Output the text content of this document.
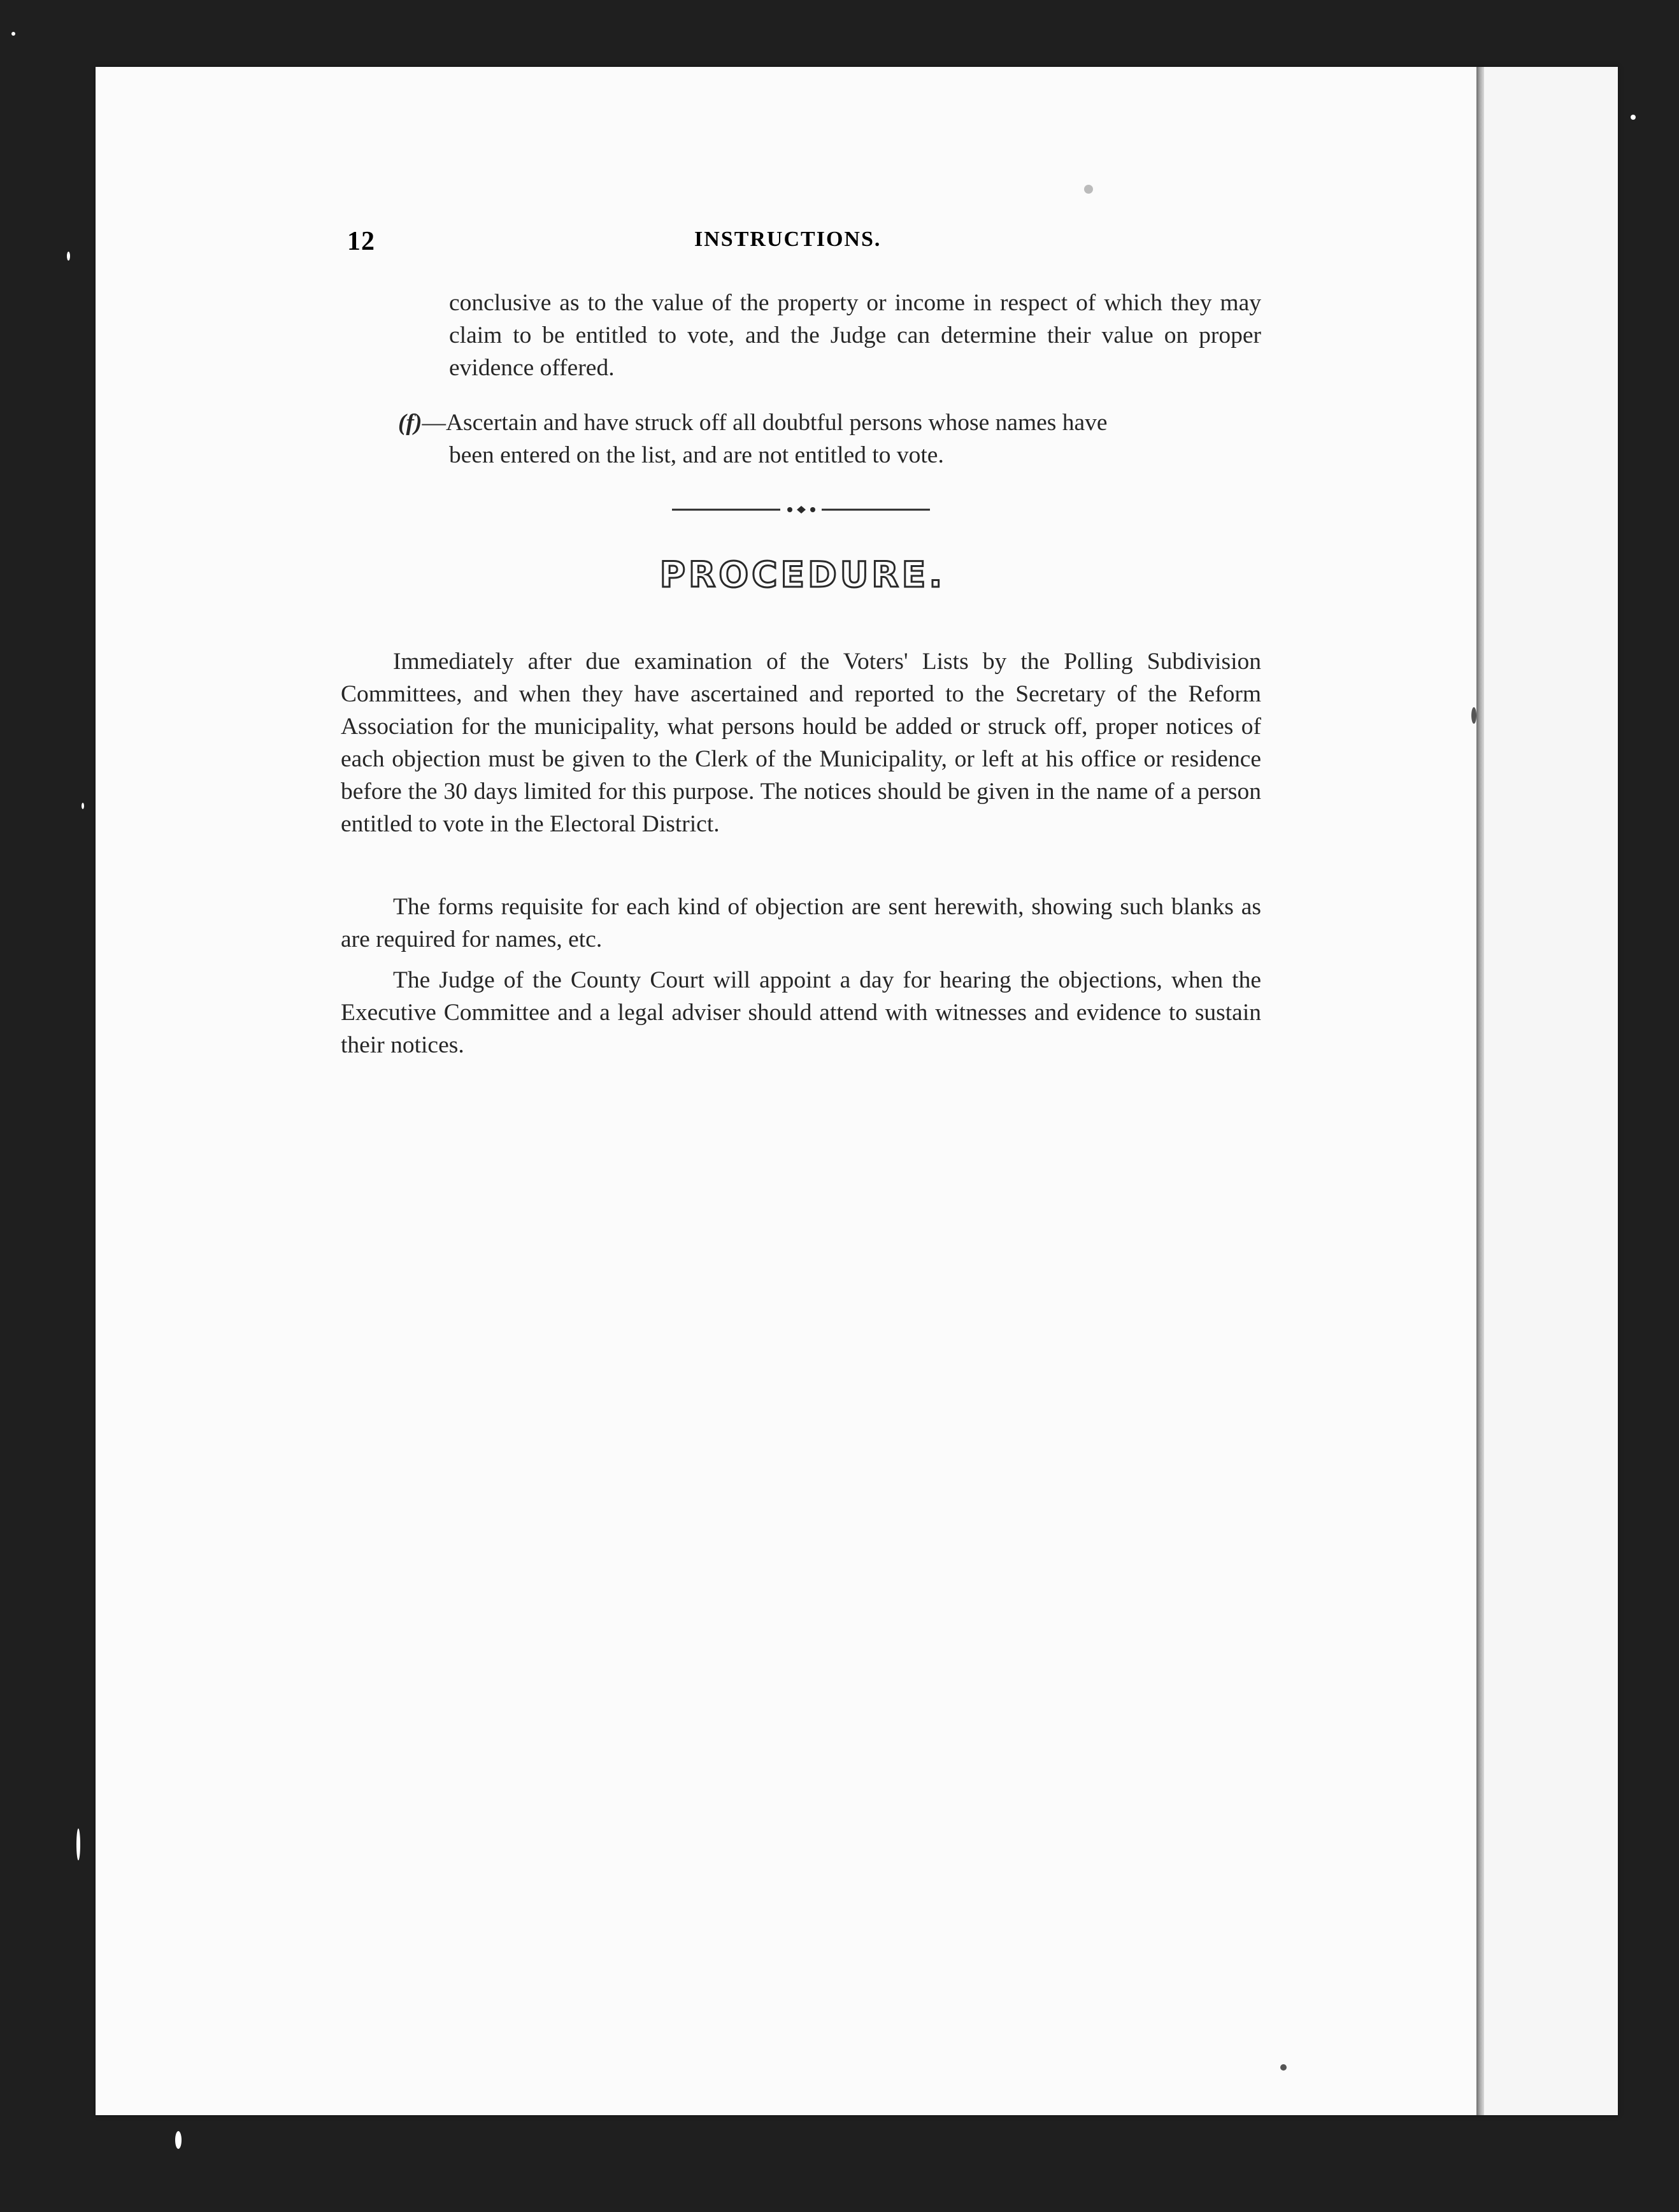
12	INSTRUCTIONS.
conclusive as to the value of the property or income in respect of which they may claim to be entitled to vote, and the Judge can determine their value on proper evidence offered.
(f)—Ascertain and have struck off all doubtful persons whose names have
been entered on the list, and are not entitled to vote.
PROCEDURE.

Immediately after due examination of the Voters' Lists by the Polling Subdivision Committees, and when they have ascertained and reported to the Secretary of the Reform Association for the municipality, what persons hould be added or struck off, proper notices of each objection must be given to the Clerk of the Municipality, or left at his office or residence before the 30 days limited for this purpose. The notices should be given in the name of a person entitled to vote in the Electoral District.

The forms requisite for each kind of objection are sent herewith, showing such blanks as are required for names, etc.

The Judge of the County Court will appoint a day for hearing the objections, when the Executive Committee and a legal adviser should attend with witnesses and evidence to sustain their notices.
